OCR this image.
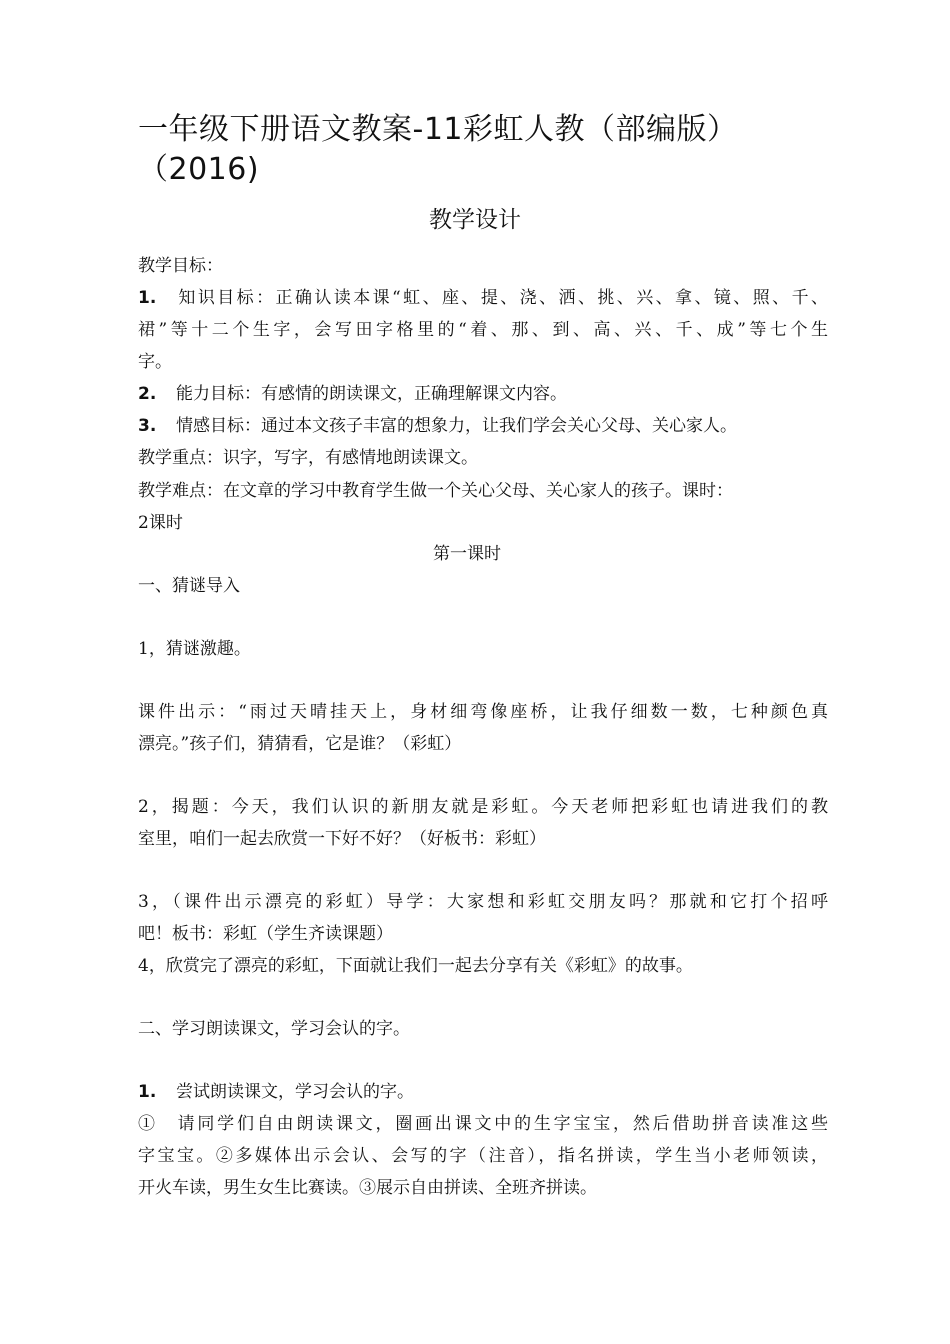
一年级下册语文教案-11彩虹人教（部编版）（2016)
教学设计

教学目标：

1. 知识目标：正确认读本课“虹、座、提、浇、洒、挑、兴、拿、镜、照、千、

裙”等十二个生字，会写田字格里的“着、那、到、高、兴、千、成”等七个生

字。

2. 能力目标：有感情的朗读课文，正确理解课文内容。

3. 情感目标：通过本文孩子丰富的想象力，让我们学会关心父母、关心家人。

教学重点：识字，写字，有感情地朗读课文。

教学难点：在文章的学习中教育学生做一个关心父母、关心家人的孩子。课时：

2课时

第一课时

一、猜谜导入

1，猜谜激趣。

课件出示：“雨过天晴挂天上，身材细弯像座桥，让我仔细数一数，七种颜色真

漂亮。”孩子们，猜猜看，它是谁？（彩虹）

2，揭题：今天，我们认识的新朋友就是彩虹。今天老师把彩虹也请进我们的教

室里，咱们一起去欣赏一下好不好？（好板书：彩虹）

3，（课件出示漂亮的彩虹）导学：大家想和彩虹交朋友吗？那就和它打个招呼

吧！板书：彩虹（学生齐读课题）

4，欣赏完了漂亮的彩虹，下面就让我们一起去分享有关《彩虹》的故事。

二、学习朗读课文，学习会认的字。

1. 尝试朗读课文，学习会认的字。

①　请同学们自由朗读课文，圈画出课文中的生字宝宝，然后借助拼音读准这些

字宝宝。②多媒体出示会认、会写的字（注音），指名拼读，学生当小老师领读，

开火车读，男生女生比赛读。③展示自由拼读、全班齐拼读。
